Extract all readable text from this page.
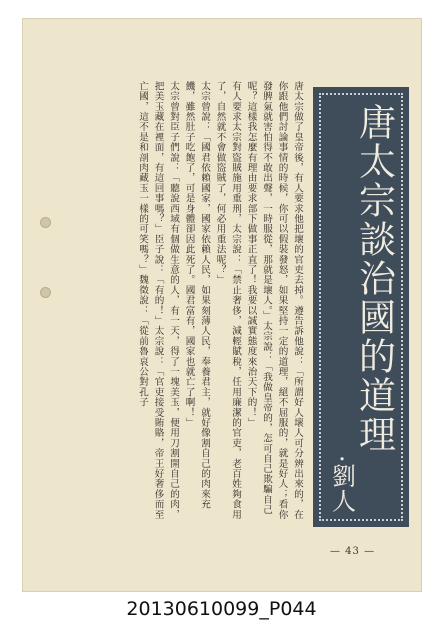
唐太宗談治國的道理
·劉人

唐太宗做了皇帝後，有人要求他把壞的官吏去掉。遵告訴他說：「所謂好人壞人可分辨出來的，在你跟他們討論事情的時候，你可以假裝發怒，如果堅持一定的道理，絕不屈服的，就是好人；看你發脾氣就害怕得不敢出聲，一時服從，那就是壞人。」太宗說：「我做皇帝的，怎可自己欺騙自己呢？這樣我怎麼有理由要求部下做事正直了！我要以誠實態度來治天下的！」

有人要求太宗對盜賊施用重刑，太宗說：「禁止奢侈，減輕賦稅，任用廉潔的官吏，老百姓夠食用了，自然就不會做盜賊了，何必用重法呢？」

太宗曾說：「國君依賴國家，國家依賴人民，如果刻薄人民，奉養君主，就好像割自己的肉來充饑，雖然肚子吃飽了，可是身體卻因此死了。國君富有，國家也就亡了啊！」

太宗曾對臣子們說：「聽說西域有個做生意的人，有一天，得了一塊美玉，便用刀割開自己的肉，把美玉藏在裡面，有這回事嗎？」臣子說：「有的！」太宗說：「官吏接受賄賂，帝王好奢侈而至亡國，這不是和剖肉藏玉一樣的可笑嗎？」魏徵說：「從前魯哀公對孔子

— 43 —
20130610099_P044
